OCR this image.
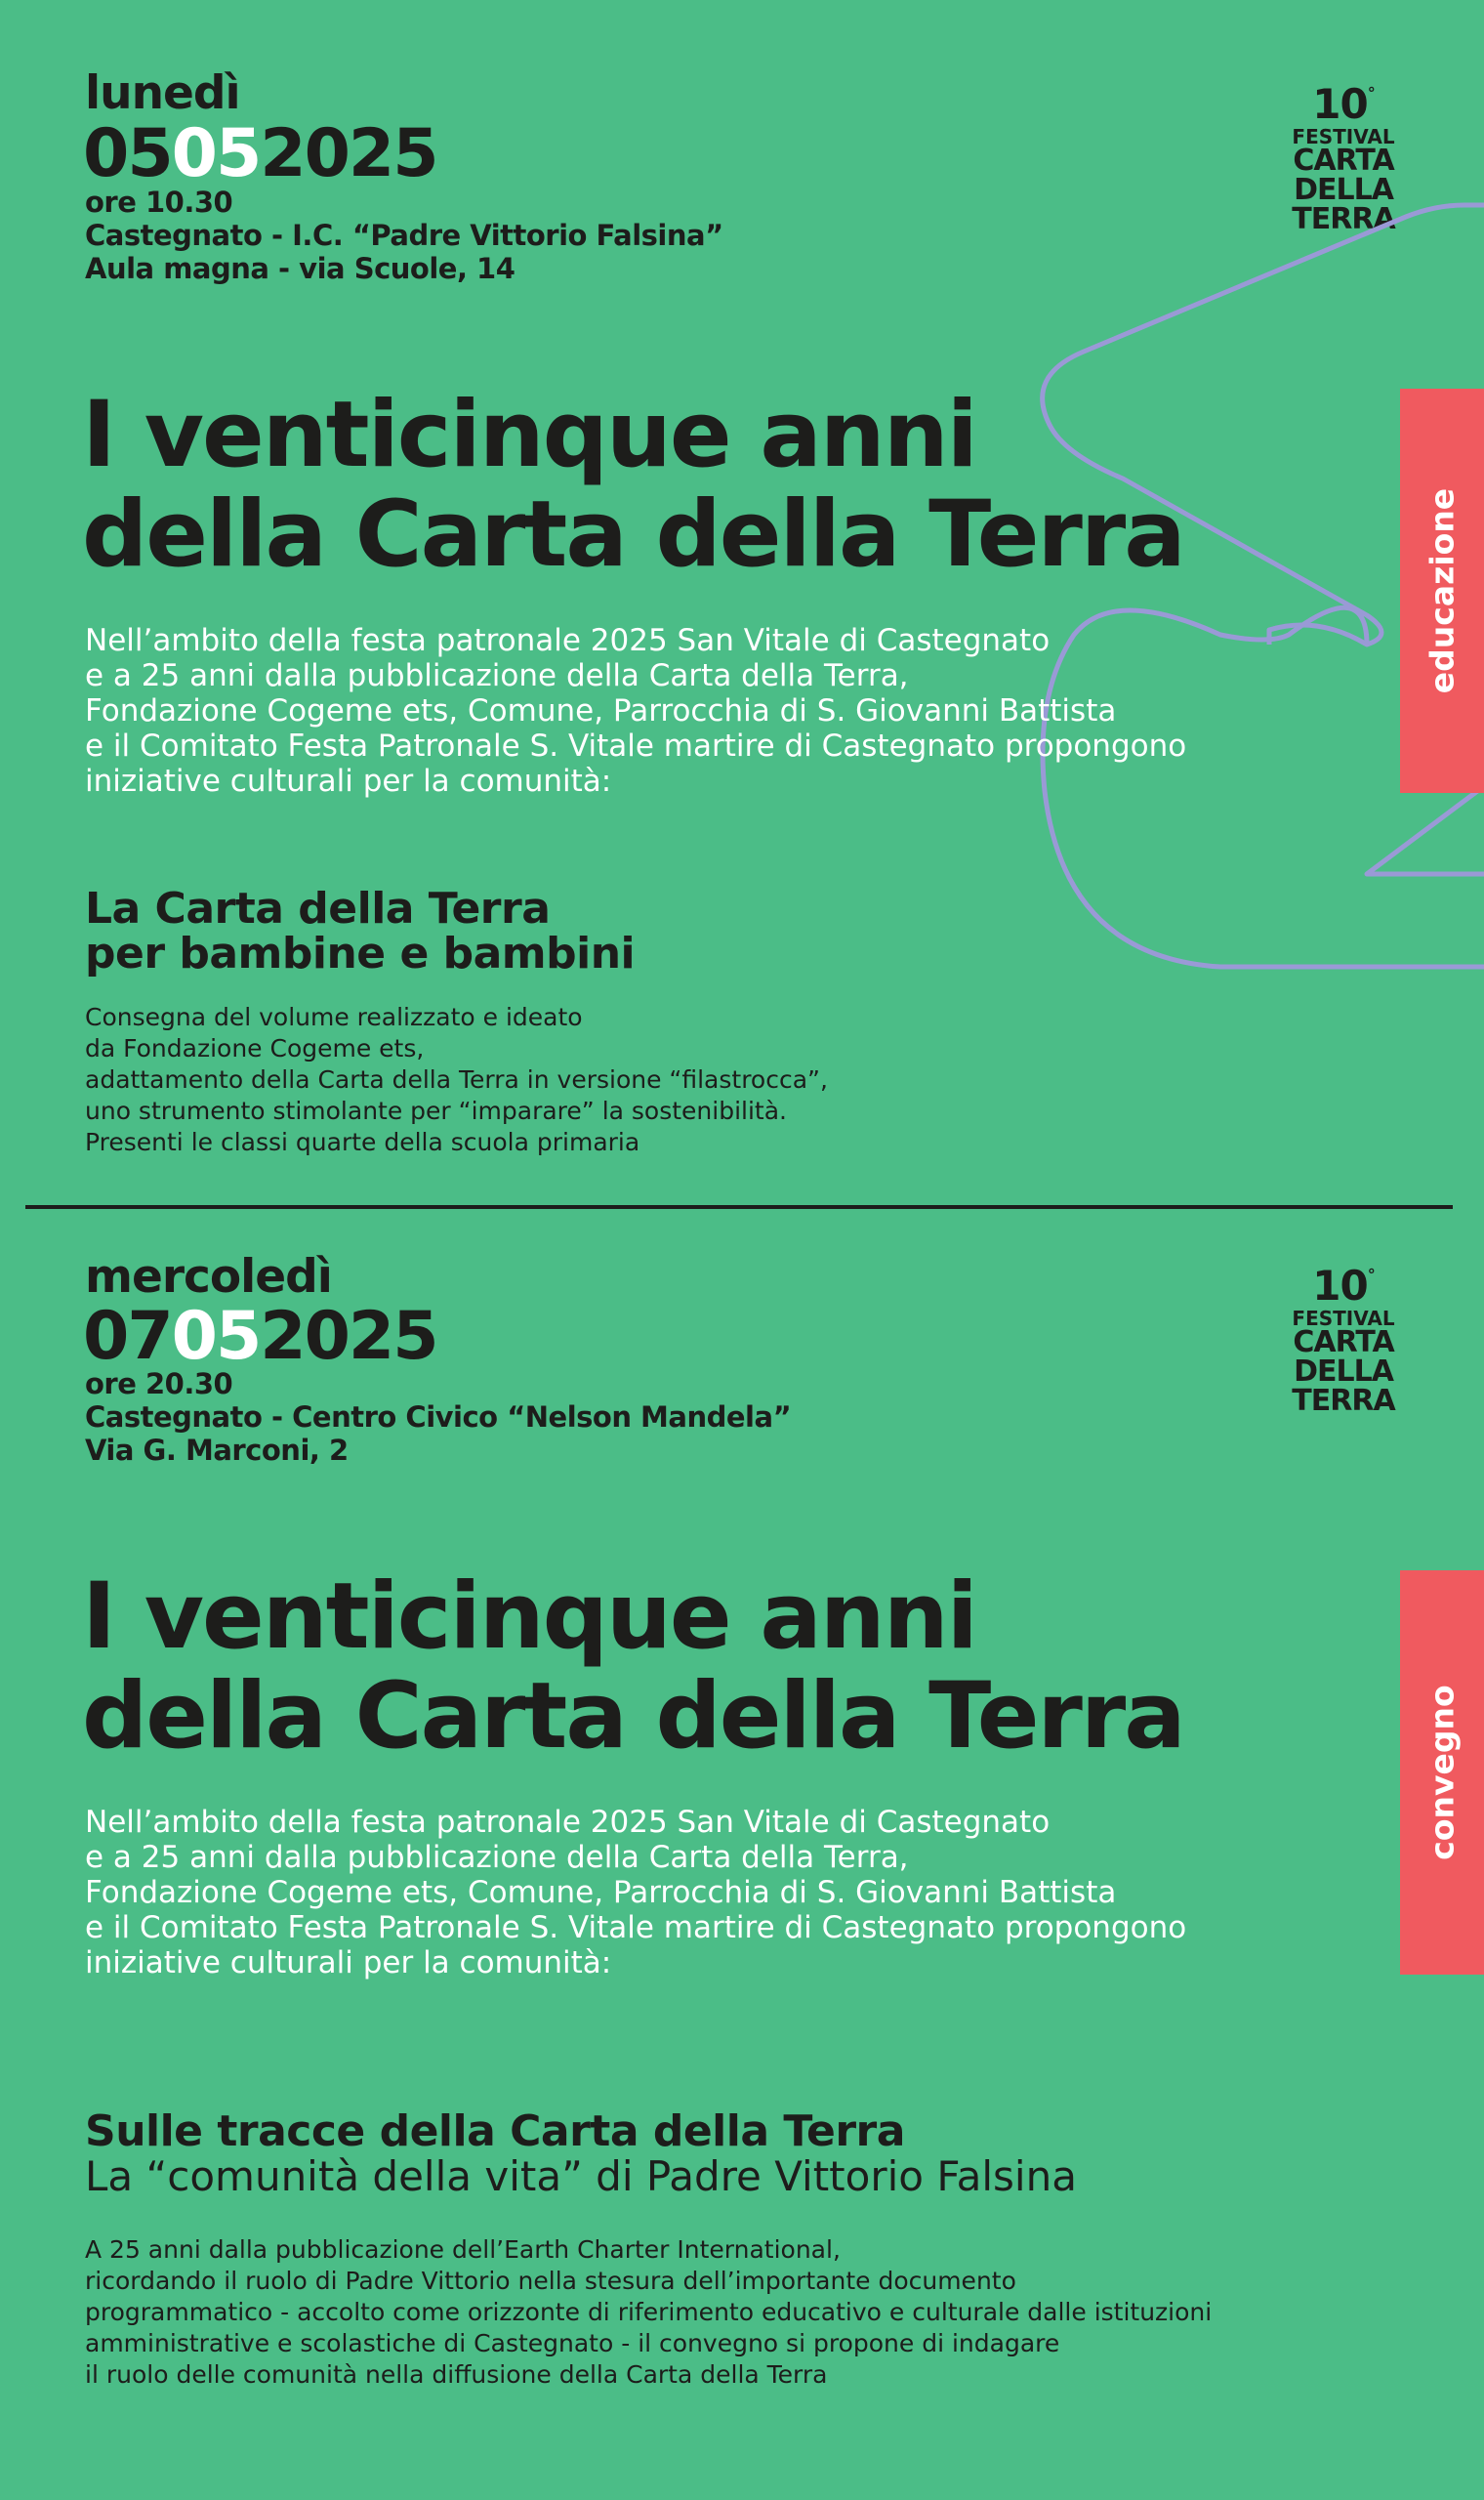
lunedì
05052025
ore 10.30
Castegnato - I.C. “Padre Vittorio Falsina”
Aula magna - via Scuole, 14
10°
FESTIVAL
CARTA
DELLA
TERRA
I venticinque anni
della Carta della Terra
Nell’ambito della festa patronale 2025 San Vitale di Castegnato
e a 25 anni dalla pubblicazione della Carta della Terra,
Fondazione Cogeme ets, Comune, Parrocchia di S. Giovanni Battista
e il Comitato Festa Patronale S. Vitale martire di Castegnato propongono
iniziative culturali per la comunità:
La Carta della Terra
per bambine e bambini
Consegna del volume realizzato e ideato
da Fondazione Cogeme ets,
adattamento della Carta della Terra in versione “filastrocca”,
uno strumento stimolante per “imparare” la sostenibilità.
Presenti le classi quarte della scuola primaria
educazione
mercoledì
07052025
ore 20.30
Castegnato - Centro Civico “Nelson Mandela”
Via G. Marconi, 2
10°
FESTIVAL
CARTA
DELLA
TERRA
I venticinque anni
della Carta della Terra
Nell’ambito della festa patronale 2025 San Vitale di Castegnato
e a 25 anni dalla pubblicazione della Carta della Terra,
Fondazione Cogeme ets, Comune, Parrocchia di S. Giovanni Battista
e il Comitato Festa Patronale S. Vitale martire di Castegnato propongono
iniziative culturali per la comunità:
Sulle tracce della Carta della Terra
La “comunità della vita” di Padre Vittorio Falsina
A 25 anni dalla pubblicazione dell’Earth Charter International,
ricordando il ruolo di Padre Vittorio nella stesura dell’importante documento
programmatico - accolto come orizzonte di riferimento educativo e culturale dalle istituzioni
amministrative e scolastiche di Castegnato - il convegno si propone di indagare
il ruolo delle comunità nella diffusione della Carta della Terra
convegno
